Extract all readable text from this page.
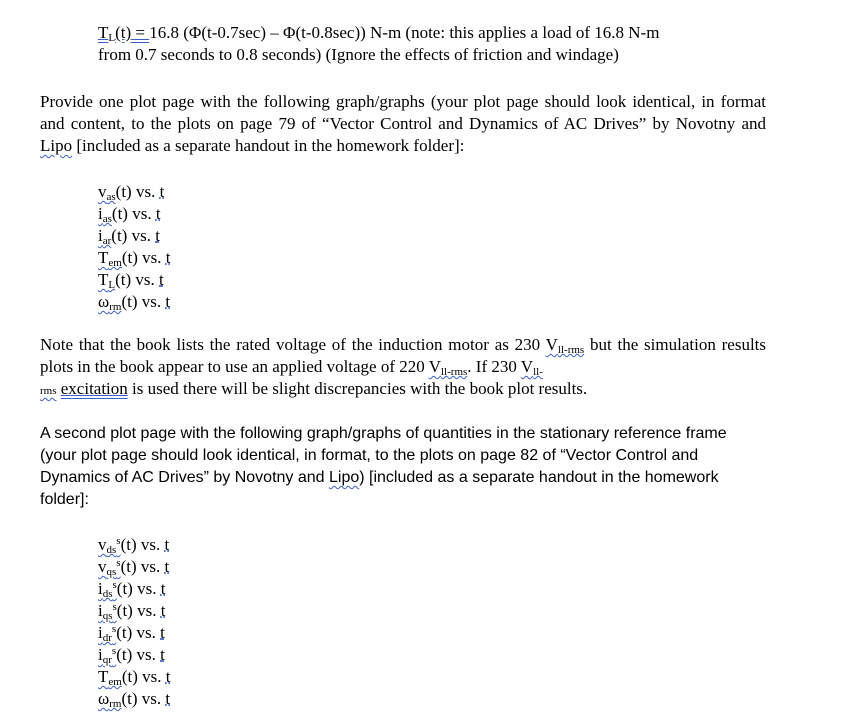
$T_L(t) = 16.8$ (Φ(t-0.7sec) – Φ(t-0.8sec)) N-m (note: this applies a load of 16.8 N-m
from 0.7 seconds to 0.8 seconds) (Ignore the effects of friction and windage)
Provide one plot page with the following graph/graphs (your plot page should look identical, in format and content, to the plots on page 79 of “Vector Control and Dynamics of AC Drives” by Novotny and Lipo [included as a separate handout in the homework folder]:
$v_{as}(t)$ vs. t
$i_{as}(t)$ vs. t
$i_{ar}(t)$ vs. t
$T_{em}(t)$ vs. t
$T_L(t)$ vs. t
$\omega_{rm}(t)$ vs. t
Note that the book lists the rated voltage of the induction motor as 230 $V_{ll-rms}$ but the simulation results plots in the book appear to use an applied voltage of 220 $V_{ll-rms}$. If 230 $V_{ll-}$
rms excitation is used there will be slight discrepancies with the book plot results.
A second plot page with the following graph/graphs of quantities in the stationary reference frame (your plot page should look identical, in format, to the plots on page 82 of “Vector Control and Dynamics of AC Drives” by Novotny and Lipo) [included as a separate handout in the homework folder]:
$v_{ds}^s(t)$ vs. t
$v_{qs}^s(t)$ vs. t
$i_{ds}^s(t)$ vs. t
$i_{qs}^s(t)$ vs. t
$i_{dr}^s(t)$ vs. t
$i_{qr}^s(t)$ vs. t
$T_{em}(t)$ vs. t
$\omega_{rm}(t)$ vs. t
